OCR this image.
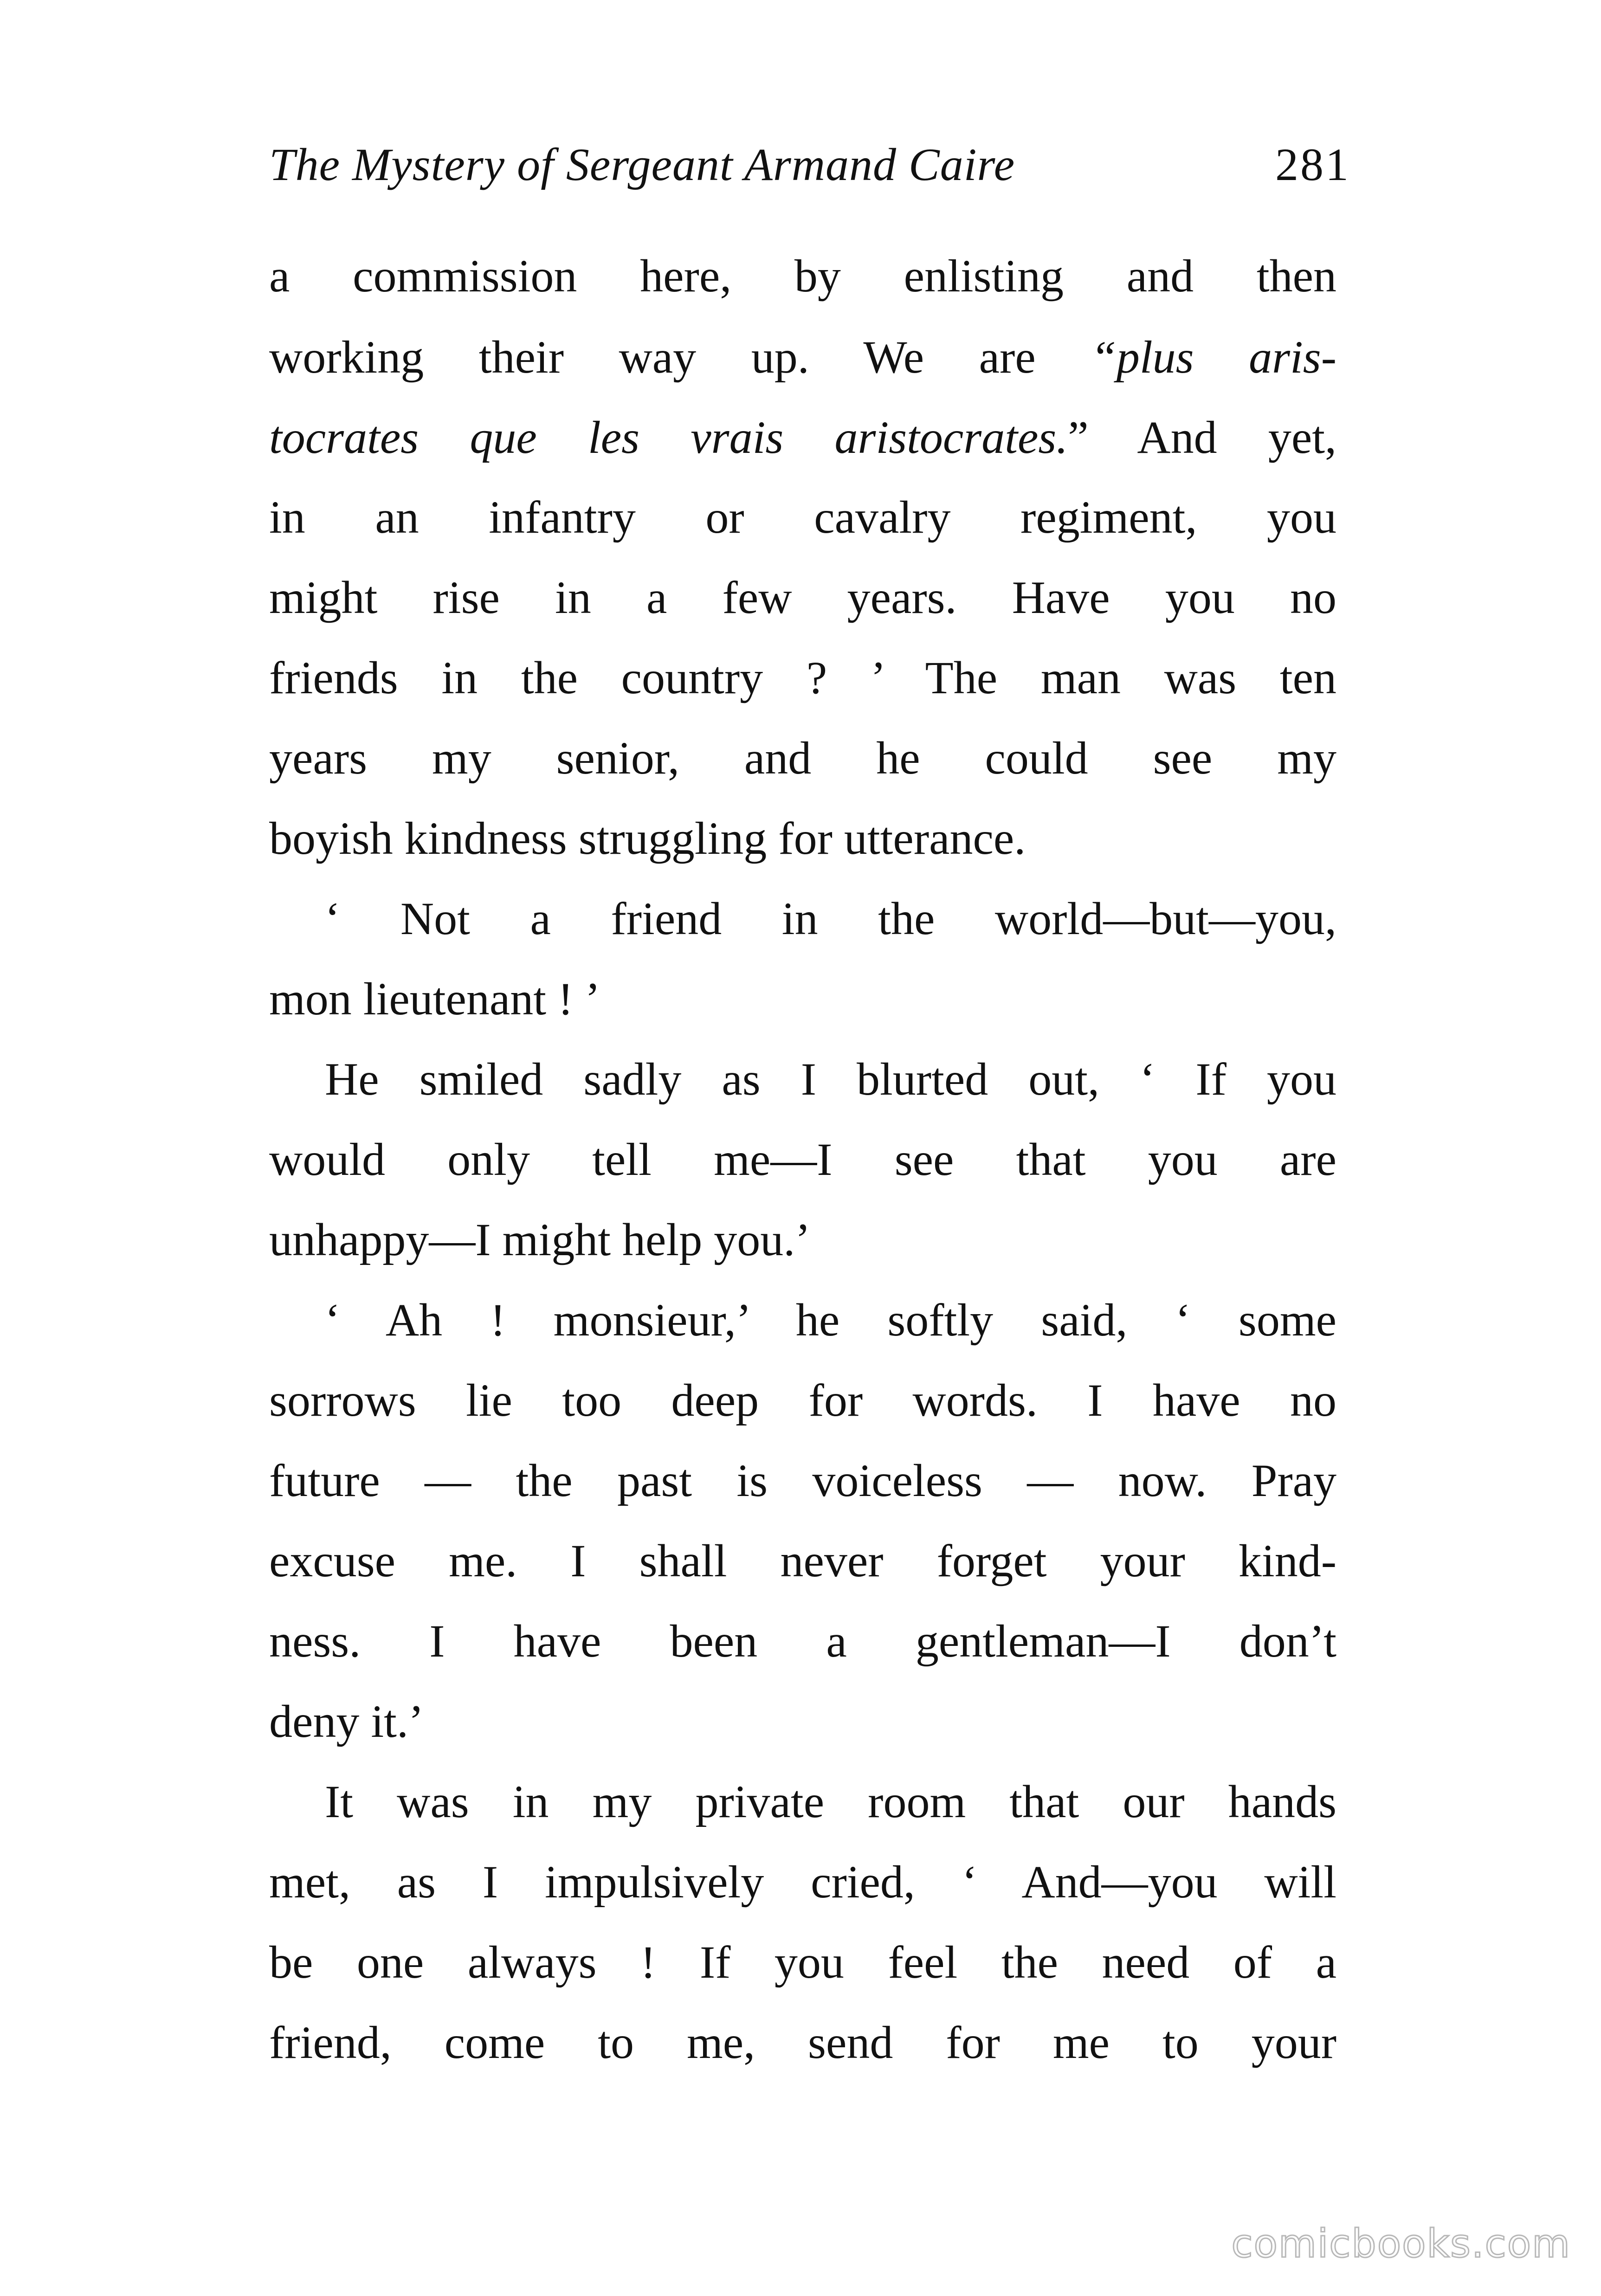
The Mystery of Sergeant Armand Caire	281
a commission here, by enlisting and then
working their way up. We are “plus aris-
tocrates que les vrais aristocrates.” And yet,
in an infantry or cavalry regiment, you
might rise in a few years. Have you no
friends in the country ? ’ The man was ten
years my senior, and he could see my
boyish kindness struggling for utterance.
‘ Not a friend in the world—but—you,
mon lieutenant ! ’
He smiled sadly as I blurted out, ‘ If you
would only tell me—I see that you are
unhappy—I might help you.’
‘ Ah ! monsieur,’ he softly said, ‘ some
sorrows lie too deep for words. I have no
future — the past is voiceless — now. Pray
excuse me. I shall never forget your kind-
ness. I have been a gentleman—I don’t
deny it.’
It was in my private room that our hands
met, as I impulsively cried, ‘ And—you will
be one always ! If you feel the need of a
friend, come to me, send for me to your
comicbooks.com
